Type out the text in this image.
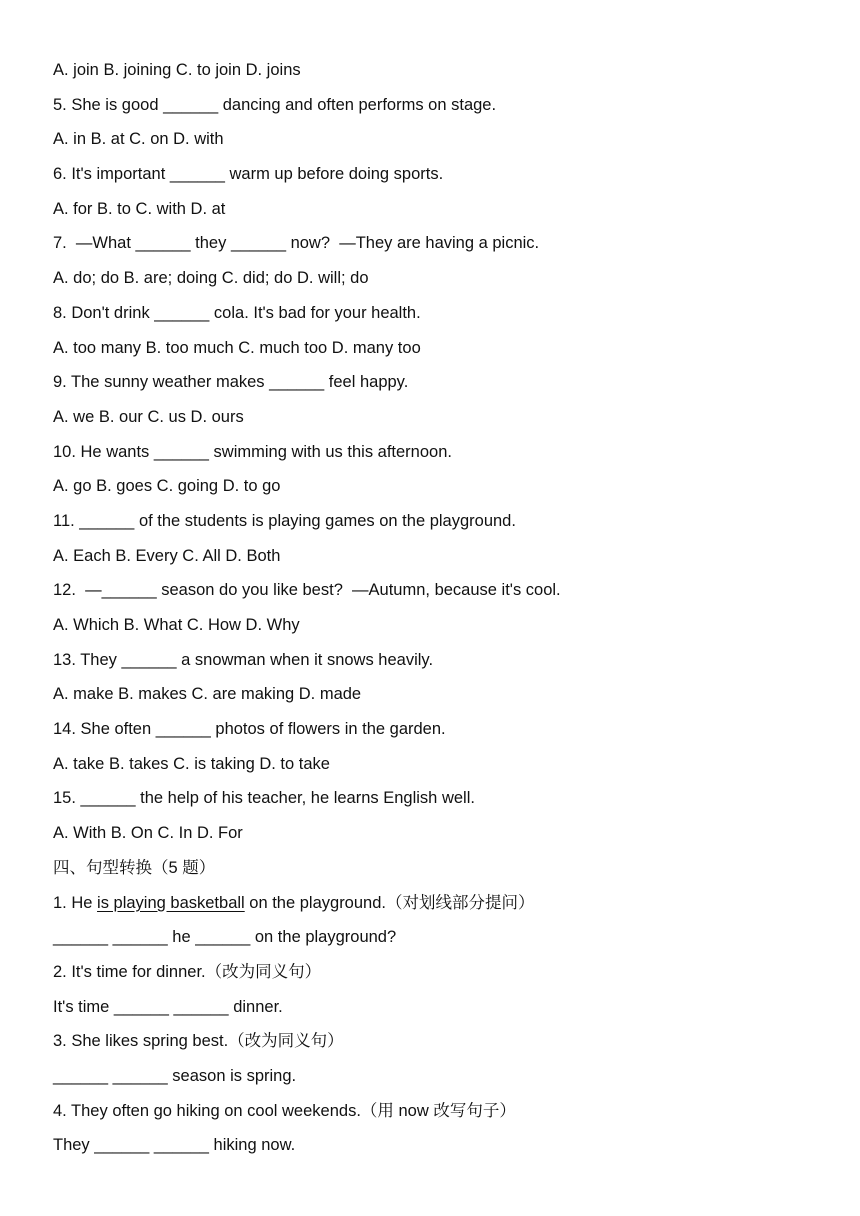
A. join B. joining C. to join D. joins
5. She is good ______ dancing and often performs on stage.
A. in B. at C. on D. with
6. It's important ______ warm up before doing sports.
A. for B. to C. with D. at
7.  —What ______ they ______ now?  —They are having a picnic.
A. do; do B. are; doing C. did; do D. will; do
8. Don't drink ______ cola. It's bad for your health.
A. too many B. too much C. much too D. many too
9. The sunny weather makes ______ feel happy.
A. we B. our C. us D. ours
10. He wants ______ swimming with us this afternoon.
A. go B. goes C. going D. to go
11. ______ of the students is playing games on the playground.
A. Each B. Every C. All D. Both
12.  —______ season do you like best?  —Autumn, because it's cool.
A. Which B. What C. How D. Why
13. They ______ a snowman when it snows heavily.
A. make B. makes C. are making D. made
14. She often ______ photos of flowers in the garden.
A. take B. takes C. is taking D. to take
15. ______ the help of his teacher, he learns English well.
A. With B. On C. In D. For
四、句型转换（5 题）
1. He is playing basketball on the playground.（对划线部分提问）
______ ______ he ______ on the playground?
2. It's time for dinner.（改为同义句）
It's time ______ ______ dinner.
3. She likes spring best.（改为同义句）
______ ______ season is spring.
4. They often go hiking on cool weekends.（用 now 改写句子）
They ______ ______ hiking now.
